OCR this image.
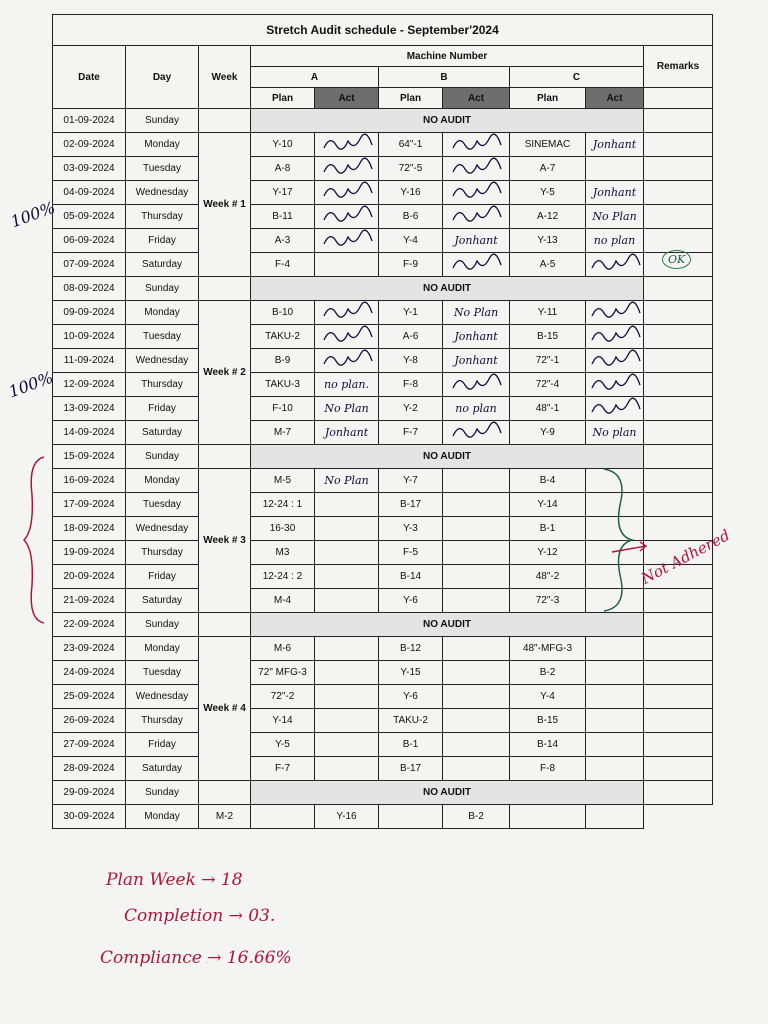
Stretch Audit schedule - September'2024									
Date	Day	Week	Machine Number						Remarks
			A		B		C		
			Plan	Act	Plan	Act	Plan	Act	
01-09-2024	Sunday		NO AUDIT						
02-09-2024	Monday	Week # 1	Y-10		64"-1		SINEMAC	Jonhant	
03-09-2024	Tuesday		A-8		72"-5		A-7		
04-09-2024	Wednesday		Y-17		Y-16		Y-5	Jonhant	
05-09-2024	Thursday		B-11		B-6		A-12	No Plan	
06-09-2024	Friday		A-3		Y-4	Jonhant	Y-13	no plan	
07-09-2024	Saturday		F-4		F-9		A-5		
08-09-2024	Sunday		NO AUDIT						
09-09-2024	Monday	Week # 2	B-10		Y-1	No Plan	Y-11		
10-09-2024	Tuesday		TAKU-2		A-6	Jonhant	B-15		
11-09-2024	Wednesday		B-9		Y-8	Jonhant	72"-1		
12-09-2024	Thursday		TAKU-3	no plan.	F-8		72"-4		
13-09-2024	Friday		F-10	No Plan	Y-2	no plan	48"-1		
14-09-2024	Saturday		M-7	Jonhant	F-7		Y-9	No plan	
15-09-2024	Sunday		NO AUDIT						
16-09-2024	Monday	Week # 3	M-5	No Plan	Y-7		B-4		
17-09-2024	Tuesday		12-24 : 1		B-17		Y-14		
18-09-2024	Wednesday		16-30		Y-3		B-1		
19-09-2024	Thursday		M3		F-5		Y-12		
20-09-2024	Friday		12-24 : 2		B-14		48"-2		
21-09-2024	Saturday		M-4		Y-6		72"-3		
22-09-2024	Sunday		NO AUDIT						
23-09-2024	Monday	Week # 4	M-6		B-12		48"-MFG-3		
24-09-2024	Tuesday		72" MFG-3		Y-15		B-2		
25-09-2024	Wednesday		72"-2		Y-6		Y-4		
26-09-2024	Thursday		Y-14		TAKU-2		B-15		
27-09-2024	Friday		Y-5		B-1		B-14		
28-09-2024	Saturday		F-7		B-17		F-8		
29-09-2024	Sunday		NO AUDIT						
30-09-2024	Monday	M-2		Y-16		B-2			
100%
100%
Not Adhered
OK
Plan Week → 18
Completion → 03.
Compliance → 16.66%
